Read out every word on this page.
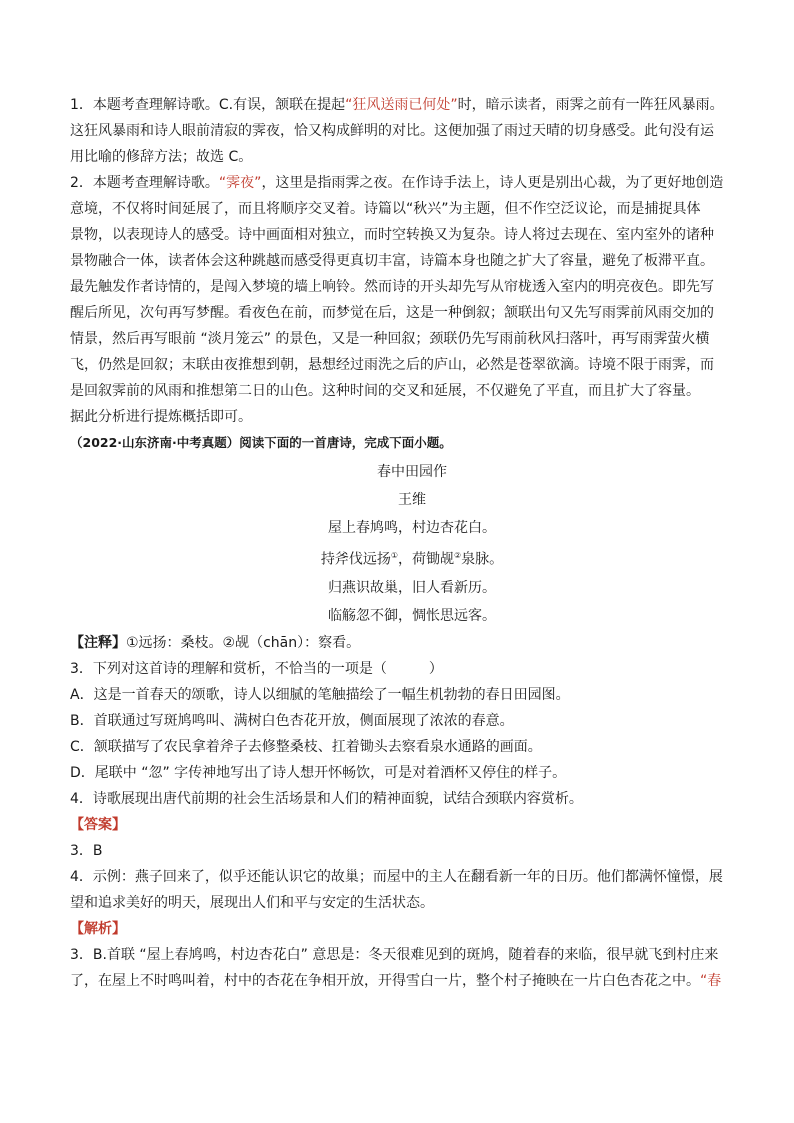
1．本题考查理解诗歌。C.有误，颔联在提起“狂风送雨已何处”时，暗示读者，雨霁之前有一阵狂风暴雨。

这狂风暴雨和诗人眼前清寂的霁夜，恰又构成鲜明的对比。这便加强了雨过天晴的切身感受。此句没有运

用比喻的修辞方法；故选 C。

2．本题考查理解诗歌。“霁夜”，这里是指雨霁之夜。在作诗手法上，诗人更是别出心裁，为了更好地创造

意境，不仅将时间延展了，而且将顺序交叉着。诗篇以“秋兴”为主题，但不作空泛议论，而是捕捉具体

景物，以表现诗人的感受。诗中画面相对独立，而时空转换又为复杂。诗人将过去现在、室内室外的诸种

景物融合一体，读者体会这种跳越而感受得更真切丰富，诗篇本身也随之扩大了容量，避免了板滞平直。

最先触发作者诗情的，是闯入梦境的墙上响铃。然而诗的开头却先写从帘栊透入室内的明亮夜色。即先写

醒后所见，次句再写梦醒。看夜色在前，而梦觉在后，这是一种倒叙；颔联出句又先写雨霁前风雨交加的

情景，然后再写眼前 “淡月笼云” 的景色，又是一种回叙；颈联仍先写雨前秋风扫落叶，再写雨霁萤火横

飞，仍然是回叙；末联由夜推想到朝，悬想经过雨洗之后的庐山，必然是苍翠欲滴。诗境不限于雨霁，而

是回叙霁前的风雨和推想第二日的山色。这种时间的交叉和延展，不仅避免了平直，而且扩大了容量。

据此分析进行提炼概括即可。

（2022·山东济南·中考真题）阅读下面的一首唐诗，完成下面小题。

春中田园作
王维
屋上春鸠鸣，村边杏花白。
持斧伐远扬①，荷锄觇②泉脉。
归燕识故巢，旧人看新历。
临觞忽不御，惆怅思远客。

【注释】①远扬：桑枝。②觇（chān）：察看。

3．下列对这首诗的理解和赏析，不恰当的一项是（　　　）

A．这是一首春天的颂歌，诗人以细腻的笔触描绘了一幅生机勃勃的春日田园图。

B．首联通过写斑鸠鸣叫、满树白色杏花开放，侧面展现了浓浓的春意。

C．颔联描写了农民拿着斧子去修整桑枝、扛着锄头去察看泉水通路的画面。

D．尾联中 “忽” 字传神地写出了诗人想开怀畅饮，可是对着酒杯又停住的样子。

4．诗歌展现出唐代前期的社会生活场景和人们的精神面貌，试结合颈联内容赏析。

【答案】

3．B

4．示例：燕子回来了，似乎还能认识它的故巢；而屋中的主人在翻看新一年的日历。他们都满怀憧憬，展

望和追求美好的明天，展现出人们和平与安定的生活状态。

【解析】

3．B.首联 “屋上春鸠鸣，村边杏花白” 意思是：冬天很难见到的斑鸠，随着春的来临，很早就飞到村庄来

了，在屋上不时鸣叫着，村中的杏花在争相开放，开得雪白一片，整个村子掩映在一片白色杏花之中。“春
